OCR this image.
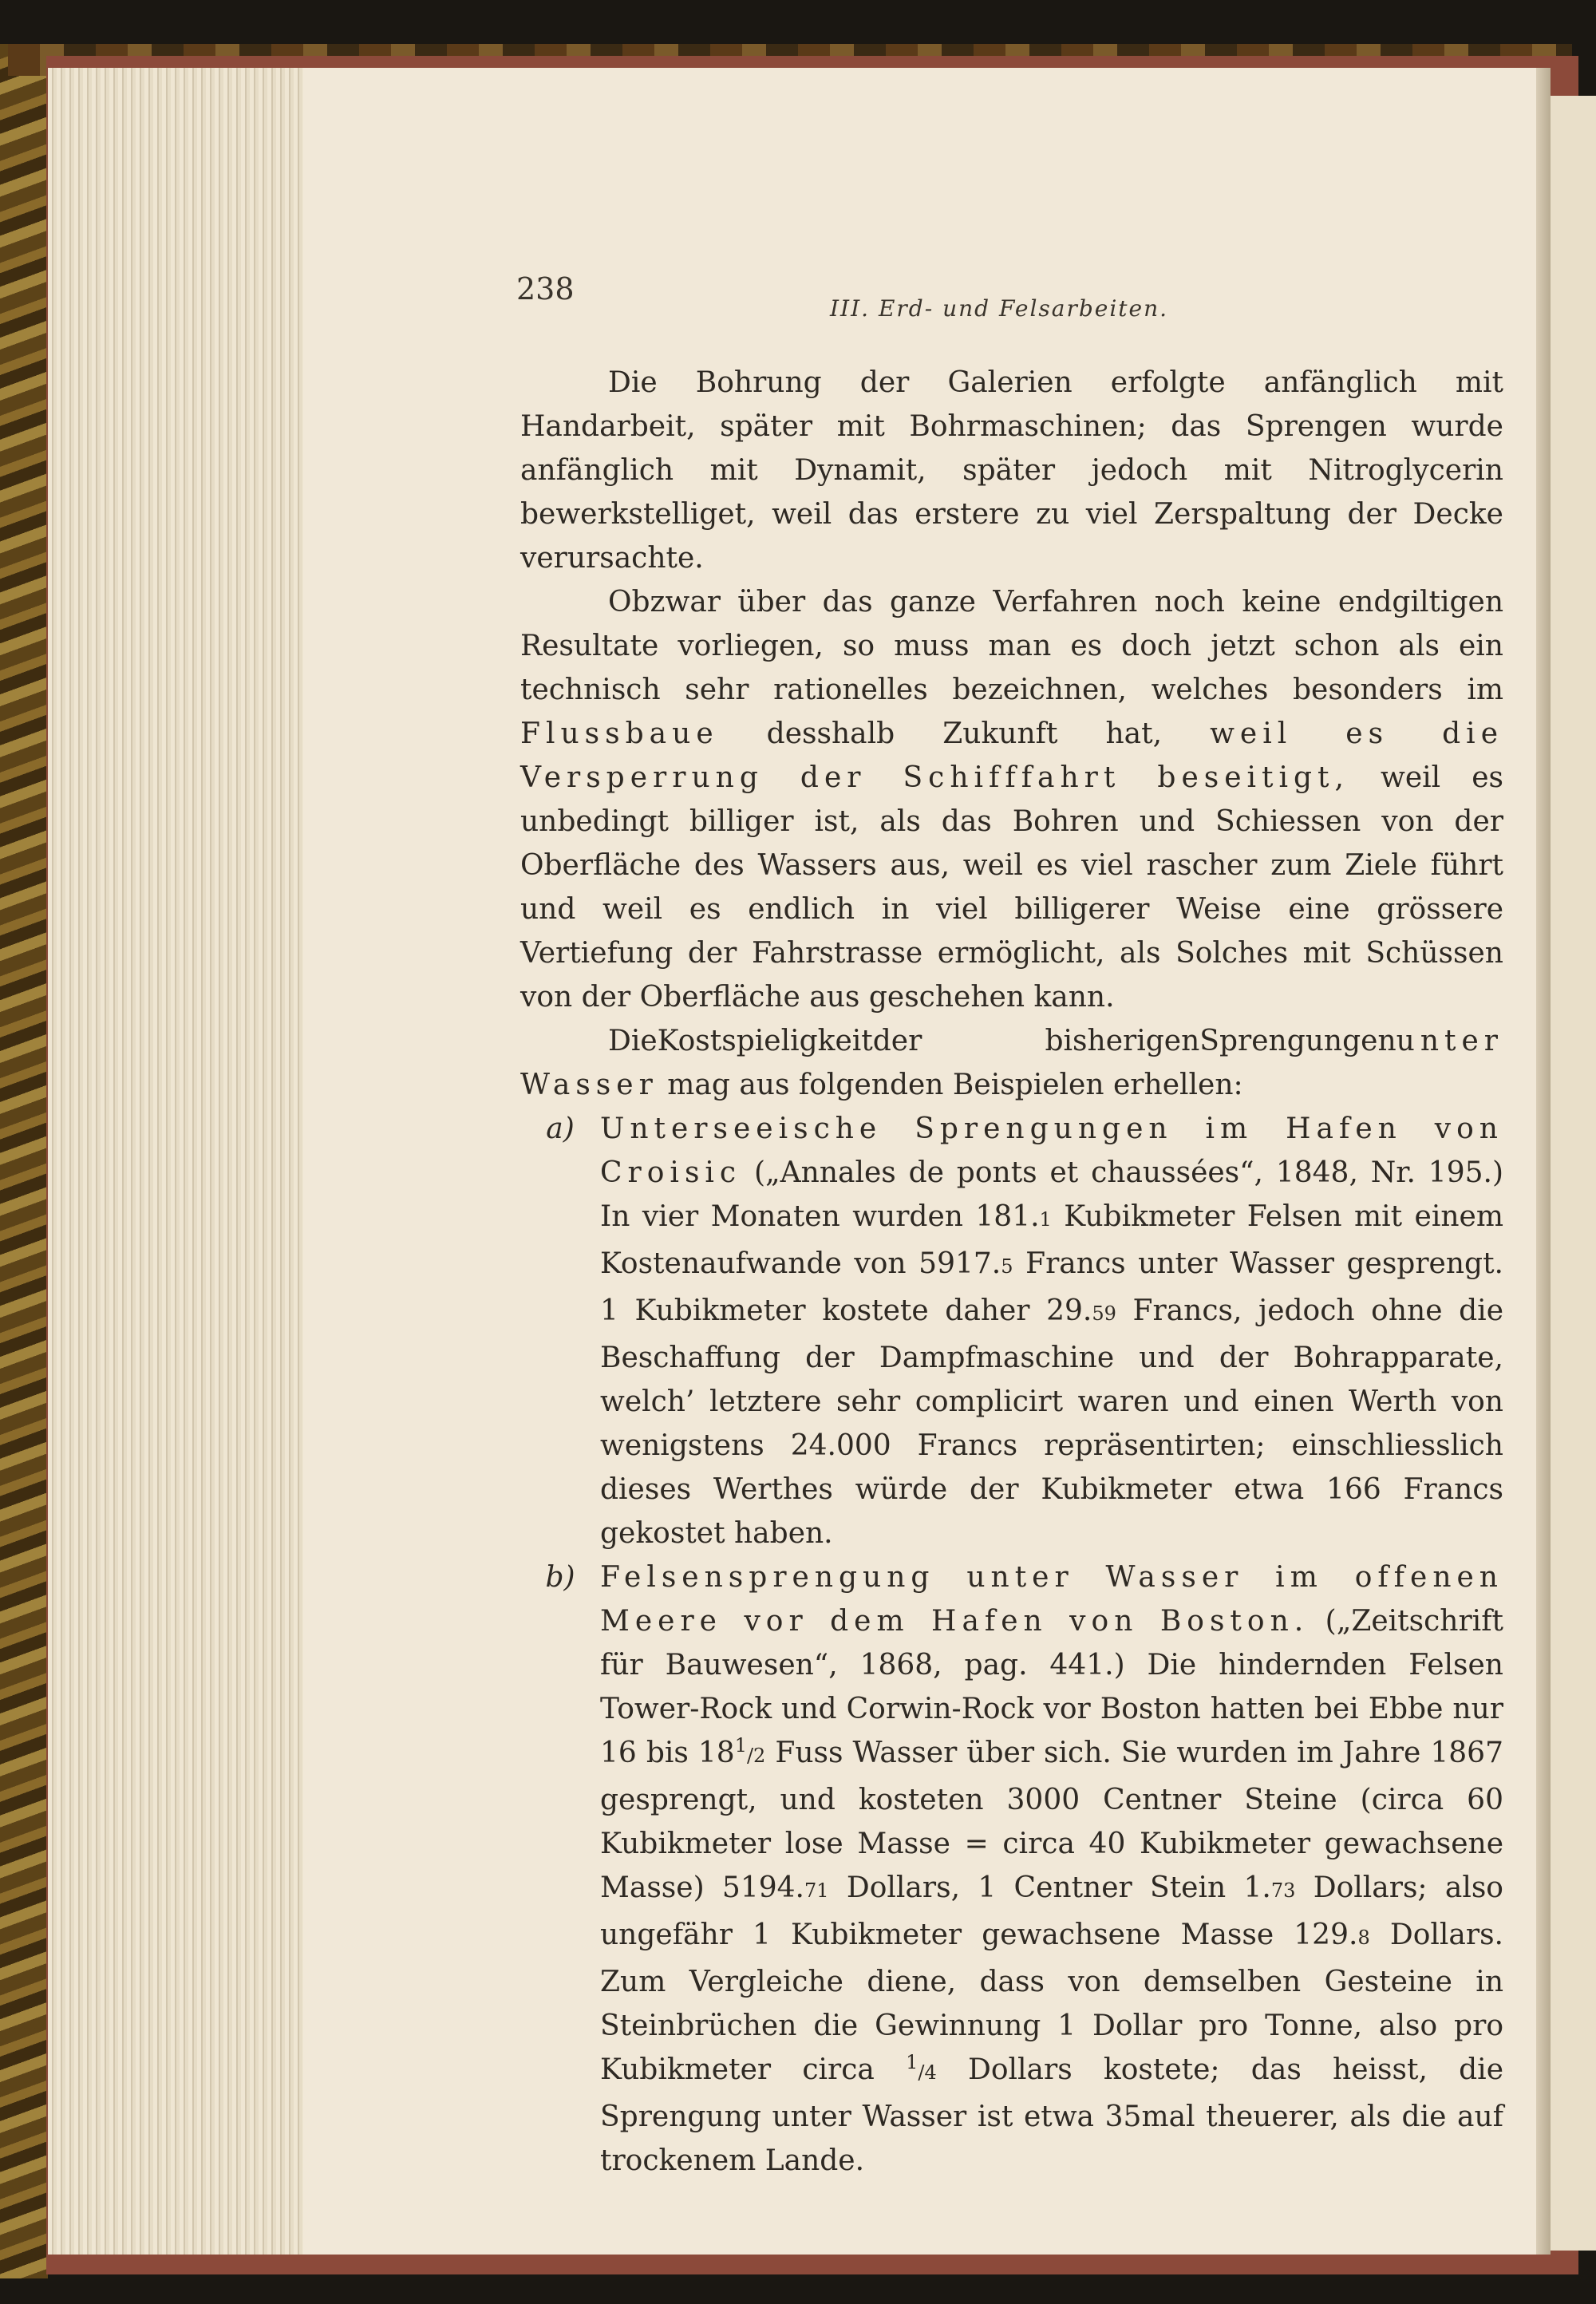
238
III. Erd- und Felsarbeiten.

Die Bohrung der Galerien erfolgte anfänglich mit Handarbeit, später mit Bohrmaschinen; das Sprengen wurde anfänglich mit Dynamit, später jedoch mit Nitroglycerin bewerkstelliget, weil das erstere zu viel Zerspaltung der Decke verursachte.

Obzwar über das ganze Verfahren noch keine endgiltigen Resultate vorliegen, so muss man es doch jetzt schon als ein technisch sehr rationelles bezeichnen, welches besonders im Flussbaue desshalb Zukunft hat, weil es die Versperrung der Schifffahrt beseitigt, weil es unbedingt billiger ist, als das Bohren und Schiessen von der Oberfläche des Wassers aus, weil es viel rascher zum Ziele führt und weil es endlich in viel billigerer Weise eine grössere Vertiefung der Fahrstrasse ermöglicht, als Solches mit Schüssen von der Oberfläche aus geschehen kann.

DieKostspieligkeitder bisherigenSprengungenunter Wasser mag aus folgenden Beispielen erhellen:

a) Unterseeische Sprengungen im Hafen von Croisic („Annales de ponts et chaussées“, 1848, Nr. 195.) In vier Monaten wurden 181.1 Kubikmeter Felsen mit einem Kostenaufwande von 5917.5 Francs unter Wasser gesprengt. 1 Kubikmeter kostete daher 29.59 Francs, jedoch ohne die Beschaffung der Dampfmaschine und der Bohrapparate, welch’ letztere sehr complicirt waren und einen Werth von wenigstens 24.000 Francs repräsentirten; einschliesslich dieses Werthes würde der Kubikmeter etwa 166 Francs gekostet haben.
b) Felsensprengung unter Wasser im offenen Meere vor dem Hafen von Boston. („Zeitschrift für Bauwesen“, 1868, pag. 441.) Die hindernden Felsen Tower-Rock und Corwin-Rock vor Boston hatten bei Ebbe nur 16 bis $18^1/2$ Fuss Wasser über sich. Sie wurden im Jahre 1867 gesprengt, und kosteten 3000 Centner Steine (circa 60 Kubikmeter lose Masse = circa 40 Kubikmeter gewachsene Masse) 5194.71 Dollars, 1 Centner Stein 1.73 Dollars; also ungefähr 1 Kubikmeter gewachsene Masse 129.8 Dollars. Zum Vergleiche diene, dass von demselben Gesteine in Steinbrüchen die Gewinnung 1 Dollar pro Tonne, also pro Kubikmeter circa $^1$/4 Dollars kostete; das heisst, die Sprengung unter Wasser ist etwa 35mal theuerer, als die auf trockenem Lande.
